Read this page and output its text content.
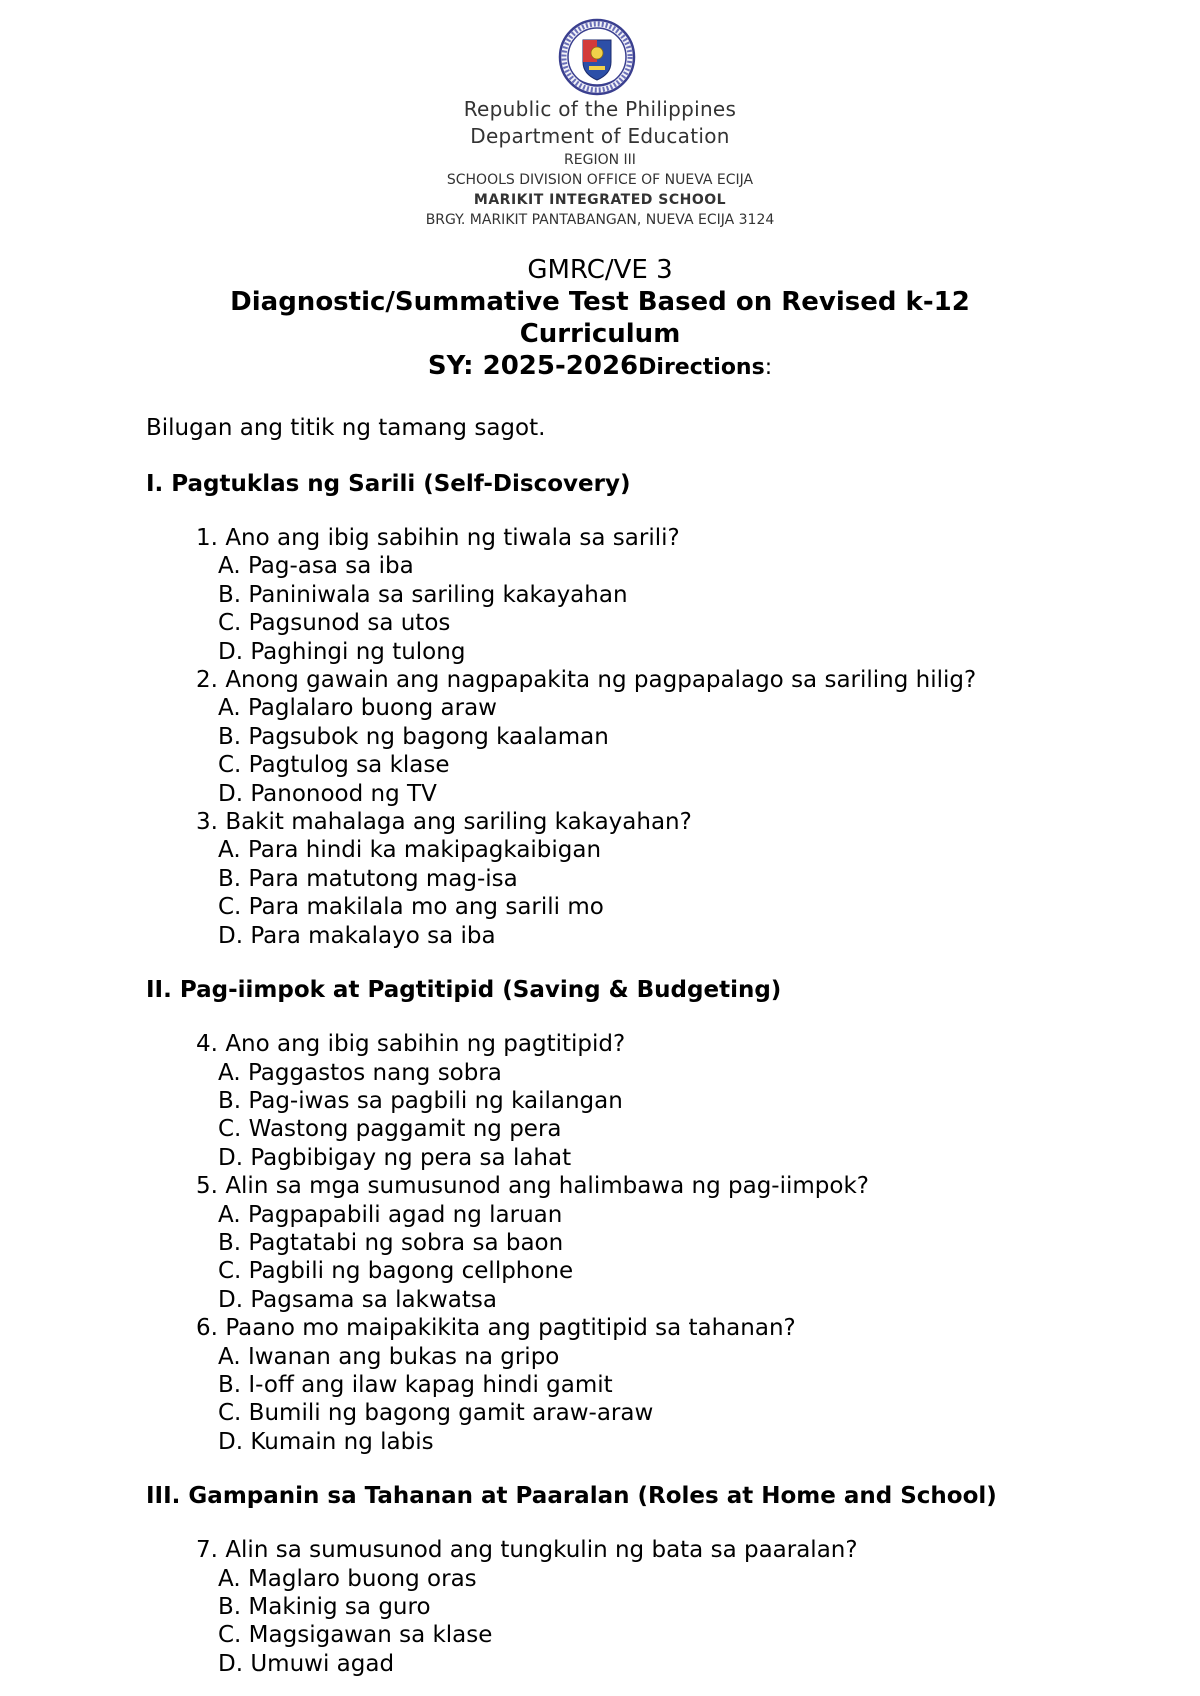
Republic of the Philippines
Department of Education
REGION III
SCHOOLS DIVISION OFFICE OF NUEVA ECIJA
MARIKIT INTEGRATED SCHOOL
BRGY. MARIKIT PANTABANGAN, NUEVA ECIJA 3124
GMRC/VE 3
Diagnostic/Summative Test Based on Revised k-12
Curriculum
SY: 2025-2026Directions:
Bilugan ang titik ng tamang sagot.
I. Pagtuklas ng Sarili (Self-Discovery)
1.
Ano ang ibig sabihin ng tiwala sa sarili?
A. Pag-asa sa iba
B. Paniniwala sa sariling kakayahan
C. Pagsunod sa utos
D. Paghingi ng tulong
2.
Anong gawain ang nagpapakita ng pagpapalago sa sariling hilig?
A. Paglalaro buong araw
B. Pagsubok ng bagong kaalaman
C. Pagtulog sa klase
D. Panonood ng TV
3.
Bakit mahalaga ang sariling kakayahan?
A. Para hindi ka makipagkaibigan
B. Para matutong mag-isa
C. Para makilala mo ang sarili mo
D. Para makalayo sa iba
II. Pag-iimpok at Pagtitipid (Saving & Budgeting)
4.
Ano ang ibig sabihin ng pagtitipid?
A. Paggastos nang sobra
B. Pag-iwas sa pagbili ng kailangan
C. Wastong paggamit ng pera
D. Pagbibigay ng pera sa lahat
5.
Alin sa mga sumusunod ang halimbawa ng pag-iimpok?
A. Pagpapabili agad ng laruan
B. Pagtatabi ng sobra sa baon
C. Pagbili ng bagong cellphone
D. Pagsama sa lakwatsa
6.
Paano mo maipakikita ang pagtitipid sa tahanan?
A. Iwanan ang bukas na gripo
B. I-off ang ilaw kapag hindi gamit
C. Bumili ng bagong gamit araw-araw
D. Kumain ng labis
III. Gampanin sa Tahanan at Paaralan (Roles at Home and School)
7.
Alin sa sumusunod ang tungkulin ng bata sa paaralan?
A. Maglaro buong oras
B. Makinig sa guro
C. Magsigawan sa klase
D. Umuwi agad
